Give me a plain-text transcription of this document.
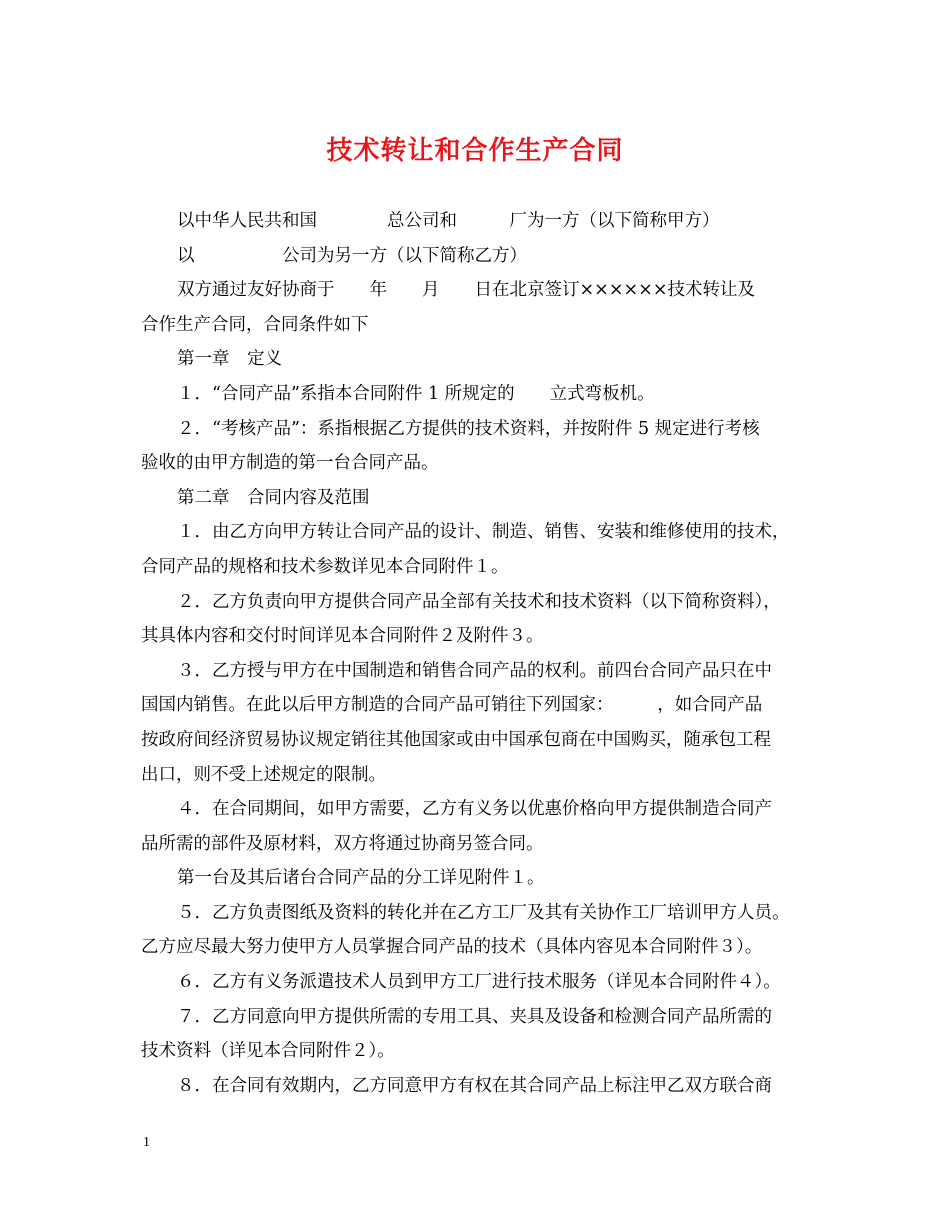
技术转让和合作生产合同
以中华人民共和国　　　　总公司和　　　厂为一方（以下简称甲方）
以　　　　　公司为另一方（以下简称乙方）
双方通过友好协商于　　年　　月　　日在北京签订××××××技术转让及
合作生产合同，合同条件如下
第一章　定义
１．“合同产品”系指本合同附件 1 所规定的　　立式弯板机。
２．“考核产品”：系指根据乙方提供的技术资料，并按附件 5 规定进行考核
验收的由甲方制造的第一台合同产品。
第二章　合同内容及范围
１．由乙方向甲方转让合同产品的设计、制造、销售、安装和维修使用的技术，
合同产品的规格和技术参数详见本合同附件１。
２．乙方负责向甲方提供合同产品全部有关技术和技术资料（以下简称资料），
其具体内容和交付时间详见本合同附件２及附件３。
３．乙方授与甲方在中国制造和销售合同产品的权利。前四台合同产品只在中
国国内销售。在此以后甲方制造的合同产品可销往下列国家：　　　，如合同产品
按政府间经济贸易协议规定销往其他国家或由中国承包商在中国购买，随承包工程
出口，则不受上述规定的限制。
４．在合同期间，如甲方需要，乙方有义务以优惠价格向甲方提供制造合同产
品所需的部件及原材料，双方将通过协商另签合同。
第一台及其后诸台合同产品的分工详见附件１。
５．乙方负责图纸及资料的转化并在乙方工厂及其有关协作工厂培训甲方人员。
乙方应尽最大努力使甲方人员掌握合同产品的技术（具体内容见本合同附件３）。
６．乙方有义务派遣技术人员到甲方工厂进行技术服务（详见本合同附件４）。
７．乙方同意向甲方提供所需的专用工具、夹具及设备和检测合同产品所需的
技术资料（详见本合同附件２）。
８．在合同有效期内，乙方同意甲方有权在其合同产品上标注甲乙双方联合商
1
